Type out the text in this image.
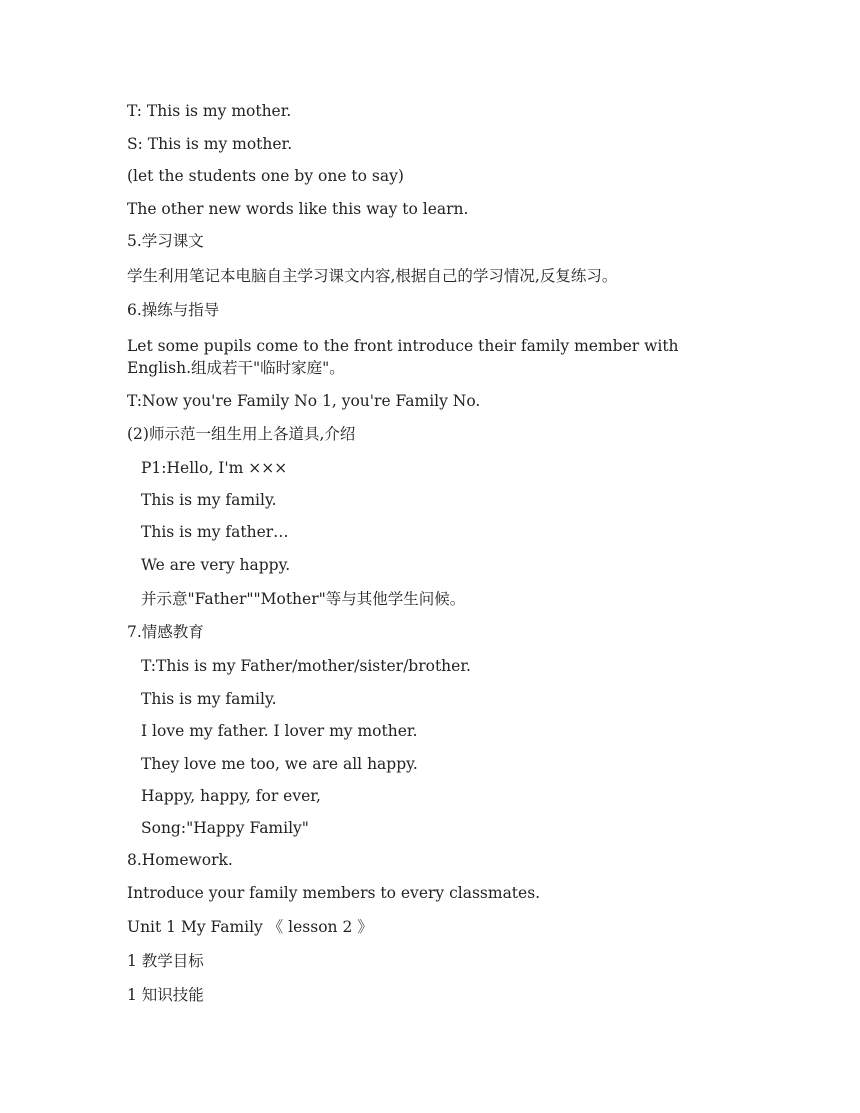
T: This is my mother.
S: This is my mother.
(let the students one by one to say)
The other new words like this way to learn.
5.学习课文
学生利用笔记本电脑自主学习课文内容,根据自己的学习情况,反复练习。
6.操练与指导
Let some pupils come to the front introduce their family member with English.组成若干"临时家庭"。
T:Now you're Family No 1, you're Family No.
(2)师示范一组生用上各道具,介绍
P1:Hello, I'm ×××
This is my family.
This is my father…
We are very happy.
并示意"Father""Mother"等与其他学生问候。
7.情感教育
T:This is my Father/mother/sister/brother.
This is my family.
I love my father. I lover my mother.
They love me too, we are all happy.
Happy, happy, for ever,
Song:"Happy Family"
8.Homework.
Introduce your family members to every classmates.
Unit 1 My Family 《 lesson 2 》
1 教学目标
1 知识技能
